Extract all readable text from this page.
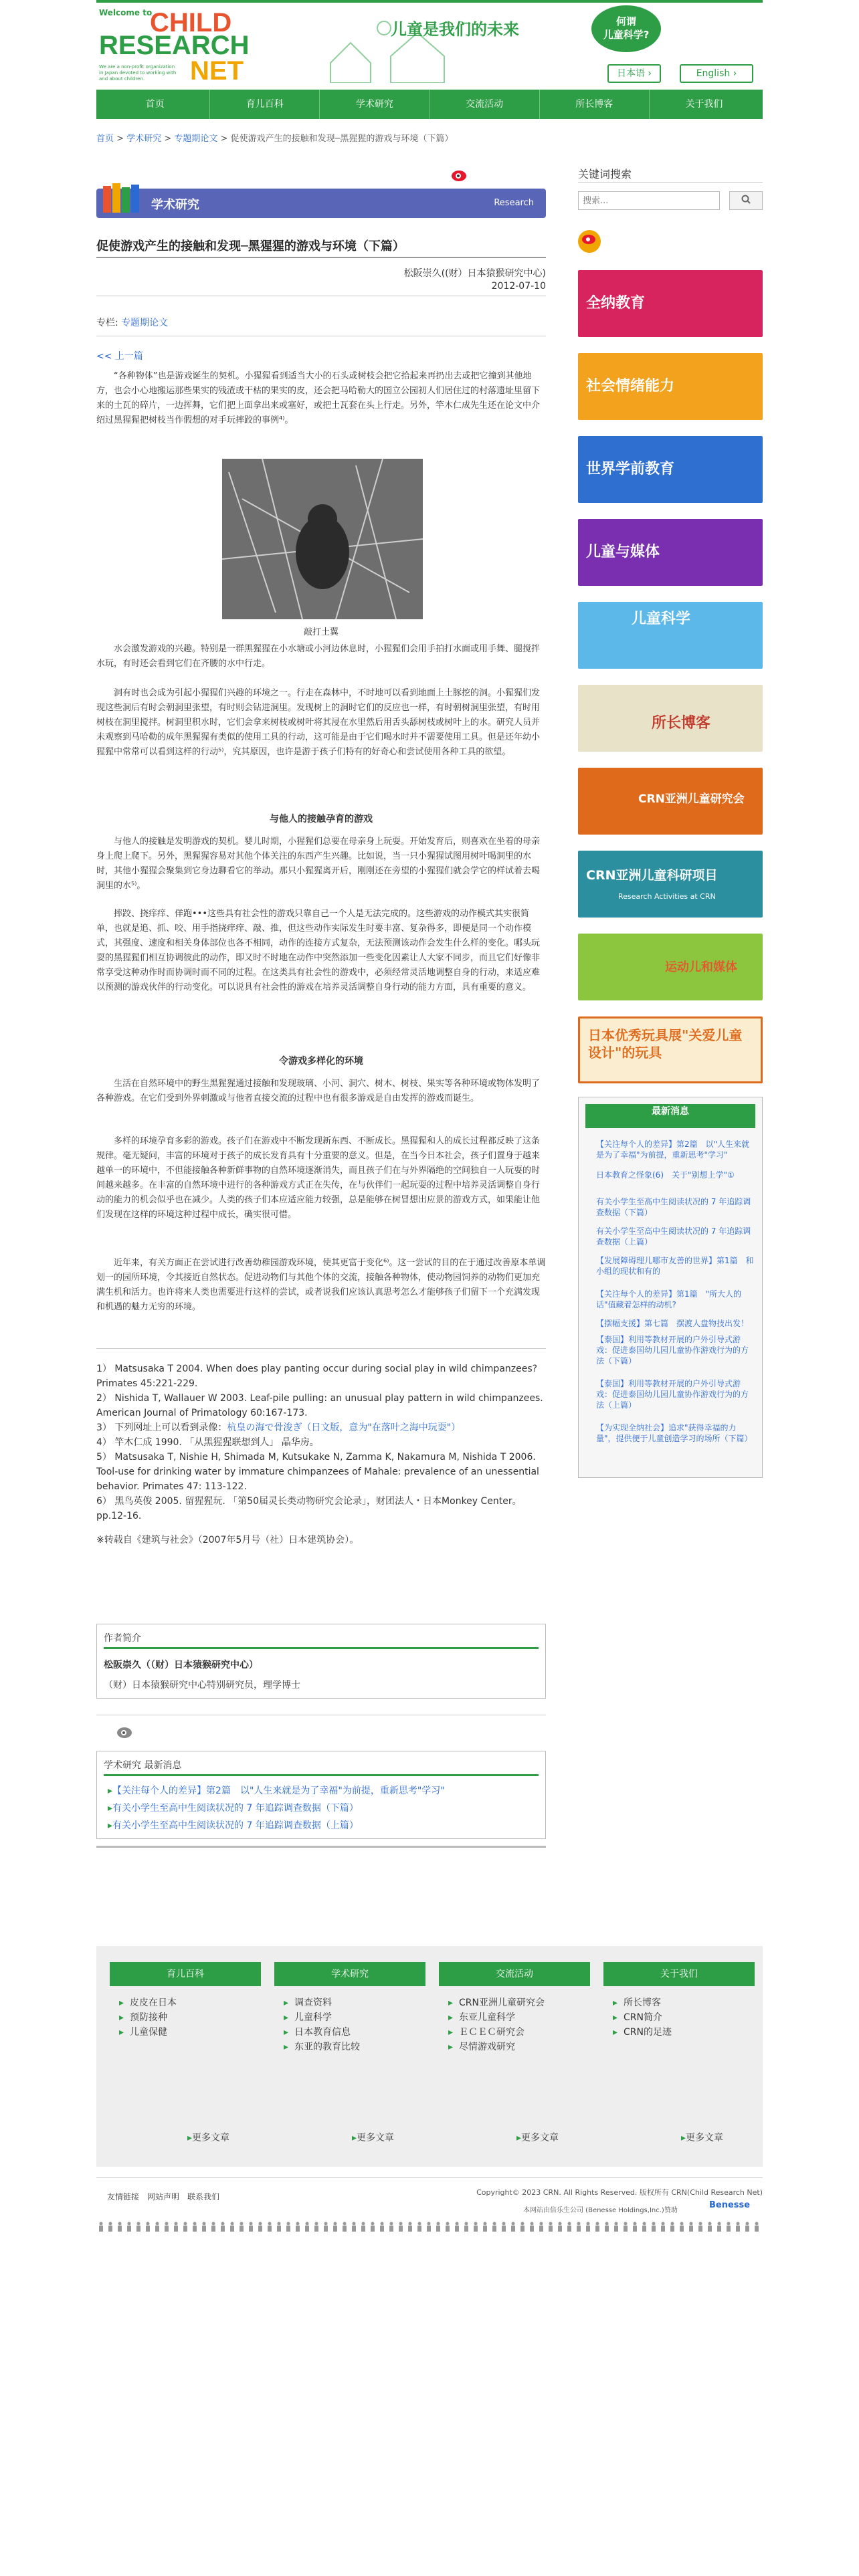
Welcome to
CHILD
RESEARCH
NET
We are a non-profit organization in Japan devoted to working with and about children.
儿童是我们的未来	何谓
儿童科学?
日本语 ›	English ›
首页	育儿百科	学术研究	交流活动	所长博客	关于我们
首页 > 学术研究 > 专题期论文 > 促使游戏产生的接触和发现─黑猩猩的游戏与环境（下篇）
学术研究	Research
促使游戏产生的接触和发现─黑猩猩的游戏与环境（下篇）
松阪崇久((财）日本猿猴研究中心)
2012-07-10
专栏: 专题期论文
<< 上一篇

“各种物体”也是游戏诞生的契机。小猩猩看到适当大小的石头或树枝会把它拾起来再扔出去或把它撞到其他地方，也会小心地搬运那些果实的残渣或干枯的果实的皮，还会把马哈勒大的国立公园初人们居住过的村落遗址里留下来的土瓦的碎片，一边挥舞，它们把上面拿出来或塞好，或把土瓦套在头上行走。另外，竿木仁成先生还在论文中介绍过黑猩猩把树枝当作假想的对手玩摔跤的事例⁴⁾。

敲打土翼

水会激发游戏的兴趣。特别是一群黑猩猩在小水塘或小河边休息时，小猩猩们会用手拍打水面或用手舞、腿搅拌水玩，有时还会看到它们在齐腰的水中行走。

洞有时也会成为引起小猩猩们兴趣的环境之一。行走在森林中，不时地可以看到地面上土豚挖的洞。小猩猩们发现这些洞后有时会朝洞里张望，有时则会钻进洞里。发现树上的洞时它们的反应也一样，有时朝树洞里张望，有时用树枝在洞里搅拌。树洞里积水时，它们会拿来树枝或树叶将其浸在水里然后用舌头舔树枝或树叶上的水。研究人员并未观察到马哈勒的成年黑猩猩有类似的使用工具的行动，这可能是由于它们喝水时并不需要使用工具。但是还年幼小猩猩中常常可以看到这样的行动⁵⁾，究其原因，也许是游于孩子们特有的好奇心和尝试使用各种工具的欲望。

与他人的接触孕育的游戏

与他人的接触是发明游戏的契机。婴儿时期，小猩猩们总要在母亲身上玩耍。开始发育后，则喜欢在坐着的母亲身上爬上爬下。另外，黑猩猩容易对其他个体关注的东西产生兴趣。比如说，当一只小猩猩试图用树叶喝洞里的水时，其他小猩猩会聚集到它身边聊看它的举动。那只小猩猩离开后，刚刚还在旁望的小猩猩们就会学它的样试着去喝洞里的水⁵⁾。

摔跤、挠痒痒、佯跑•••这些具有社会性的游戏只靠自己一个人是无法完成的。这些游戏的动作模式其实很简单，也就是追、抓、咬、用手指挠痒痒、敲、推，但这些动作实际发生时要丰富、复杂得多，即便是同一个动作模式，其强度、速度和相关身体部位也各不相同，动作的连接方式复杂，无法预测该动作会发生什么样的变化。哪头玩耍的黑猩猩们相互协调彼此的动作，即又时不时地在动作中突然添加一些变化因素让人大家不同步，而且它们好像非常享受这种动作时而协调时而不同的过程。在这类具有社会性的游戏中，必须经常灵活地调整自身的行动，来适应难以预测的游戏伙伴的行动变化。可以说具有社会性的游戏在培养灵活调整自身行动的能力方面，具有重要的意义。

令游戏多样化的环境

生活在自然环境中的野生黑猩猩通过接触和发现玻璃、小河、洞穴、树木、树枝、果实等各种环境或物体发明了各种游戏。在它们受到外界刺激或与他者直接交流的过程中也有很多游戏是自由发挥的游戏而诞生。

多样的环境孕育多彩的游戏。孩子们在游戏中不断发现新东西、不断成长。黑猩猩和人的成长过程都反映了这条规律。毫无疑问，丰富的环境对于孩子的成长发育具有十分重要的意义。但是，在当今日本社会，孩子们置身于越来越单一的环境中，不但能接触各种新鲜事物的自然环境逐渐消失，而且孩子们在与外界隔绝的空间独自一人玩耍的时间越来越多。在丰富的自然环境中进行的各种游戏方式正在失传，在与伙伴们一起玩耍的过程中培养灵活调整自身行动的能力的机会似乎也在减少。人类的孩子们本应适应能力较强，总是能够在树冒想出应景的游戏方式，如果能让他们发现在这样的环境这种过程中成长，确实很可惜。

近年来，有关方面正在尝试进行改善幼稚园游戏环境，使其更富于变化⁶⁾。这一尝试的目的在于通过改善原本单调划一的园所环境，令其接近自然状态。促进动物们与其他个体的交流，接触各种物体，使动物园饲养的动物们更加充满生机和活力。也许将来人类也需要进行这样的尝试，或者说我们应该认真思考怎么才能够孩子们留下一个充满发现和机遇的魅力无穷的环境。

1） Matsusaka T 2004. When does play panting occur during social play in wild chimpanzees? Primates 45:221-229.
2） Nishida T, Wallauer W 2003. Leaf-pile pulling: an unusual play pattern in wild chimpanzees. American Journal of Primatology 60:167-173.
3） 下列网址上可以看到录像：杭皇の海で骨浚ぎ（日文版，意为"在落叶之海中玩耍"）
4） 竿木仁成 1990. 「从黑猩猩联想到人」 晶华房。
5） Matsusaka T, Nishie H, Shimada M, Kutsukake N, Zamma K, Nakamura M, Nishida T 2006. Tool-use for drinking water by immature chimpanzees of Mahale: prevalence of an unessential behavior. Primates 47: 113-122.
6） 黑鸟英俊 2005. 留猩猩玩. 「第50届灵长类动物研究会论录」，财团法人・日本Monkey Center。pp.12-16.
※转载自《建筑与社会》（2007年5月号（社）日本建筑协会）。
作者简介
松阪崇久（（财）日本猿猴研究中心）
（财）日本猿猴研究中心特别研究员，理学博士
学术研究 最新消息
▸ 【关注每个人的差异】第2篇　以"人生来就是为了幸福"为前提，重新思考"学习"
▸ 有关小学生至高中生阅读状况的 7 年追踪调查数据（下篇）
▸ 有关小学生至高中生阅读状况的 7 年追踪调查数据（上篇）
关键词搜索
搜索...
全纳教育
社会情绪能力
世界学前教育
儿童与媒体
儿童科学
所长博客
CRN亚洲儿童研究会
CRN亚洲儿童科研项目
Research Activities at CRN
运动儿和媒体
日本优秀玩具展"关爱儿童设计"的玩具
最新消息
【关注每个人的差异】第2篇　以"人生来就是为了幸福"为前提，重新思考"学习"
日本教育之怪象(6)　关于"别想上学"①
有关小学生至高中生阅读状况的 7 年追踪调查数据（下篇）
有关小学生至高中生阅读状况的 7 年追踪调查数据（上篇）
【发展障碍理儿哪市友善的世界】第1篇　和小组的现状和有的
【关注每个人的差异】第1篇　"所大人的话"值藏着怎样的动机?
【摆幅支援】第七篇　摆渡人盘物技出发！
【泰国】利用等教材开展的户外引导式游戏：促进泰国幼儿园儿童协作游戏行为的方法（下篇）
【泰国】利用等教材开展的户外引导式游戏：促进泰国幼儿园儿童协作游戏行为的方法（上篇）
【为实现全纳社会】追求"获得幸福的力量"，提供便于儿童创造学习的场所（下篇）
育儿百科
▸ 皮皮在日本
▸ 预防接种
▸ 儿童保健
学术研究
▸ 调查资料
▸ 儿童科学
▸ 日本教育信息
▸ 东亚的教育比较
交流活动
▸ CRN亚洲儿童研究会
▸ 东亚儿童科学
▸ ＥＣＥＣ研究会
▸ 尽情游戏研究
关于我们
▸ 所长博客
▸ CRN简介
▸ CRN的足迹
▸ 更多文章	▸ 更多文章	▸ 更多文章	▸ 更多文章
友情链接　网站声明　联系我们	Copyright© 2023 CRN. All Rights Reserved. 版权所有 CRN(Child Research Net)
本网站由倍乐生公司 (Benesse Holdings,Inc.)赞助
Benesse
